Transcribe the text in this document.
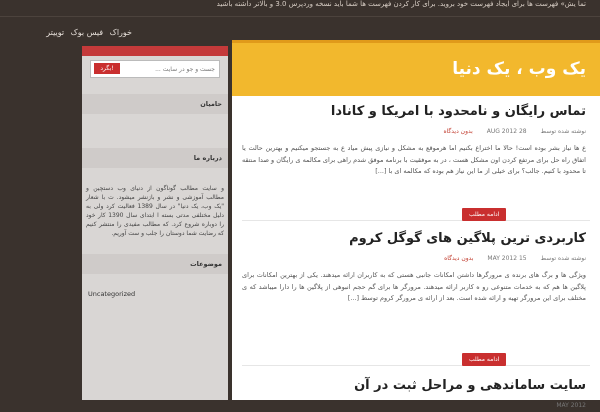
تما یش» فهرست ها برای ایجاد فهرست خود بروید. برای کار کردن فهرست ها شما باید نسخه وردپرس 3.0 و بالاتر داشته باشید
خوراک فیس بوک توییتر
جست و جو در سایت ...
بگرد!
حامیان
درباره ما
و سایت مطالب گوناگون از دنیای وب دستچین و مطالب آموزشی و نشر و بازنشر میشود. ت با شعار "یک وب، یک دنیا" در سال 1389 فعالیت کرد ولی به دلیل مختلفی مدتی بسته ا ابتدای سال 1390 کار خود را دوباره شروع کرد. که مطالب مفیدی را منتشر کنیم که رضایت شما دوستان را جلب و ست آوریم.
موضوعات
Uncategorized
یک وب ، یک دنیا
تماس رایگان و نامحدود با امریکا و کانادا
نوشته شده توسط 28 AUG 2012 بدون دیدگاه
ع ها نیاز بشر بوده است! حالا ما اختراع بکنیم اما هرموقع به مشکل و نیازی پیش میاد ع به جستجو میکنیم و بهترین حالت یا اتفاق راه حل برای مرتفع کردن اون مشکل هست ، در به موفقیت با برنامه موفق شدم راهی برای مکالمه ی رایگان و صدا منتقه تا محدود با کنیم. جالب؟ برای خیلی از ما این نیاز هم بوده که مکالمه ای با [...]
ادامه مطلب
کاربردی ترین پلاگین های گوگل کروم
نوشته شده توسط 15 MAY 2012 بدون دیدگاه
ویژگی ها و برگ های برنده ی مرورگرها داشتن امکانات جانبی هستی که به کاربران ارائه میدهند. یکی از بهترین امکانات برای پلاگین ها هم که به خدمات متنوعی رو ه کاربر ارائه میدهند. مرورگر ها برای گم حجم انبوهی از پلاگین ها را دارا میباشد که ی مختلف برای این مرورگر تهیه و ارائه شده است. بعد از ارائه ی مرورگر کروم توسط [...]
ادامه مطلب
سایت ساماندهی و مراحل ثبت در آن
MAY 2012
